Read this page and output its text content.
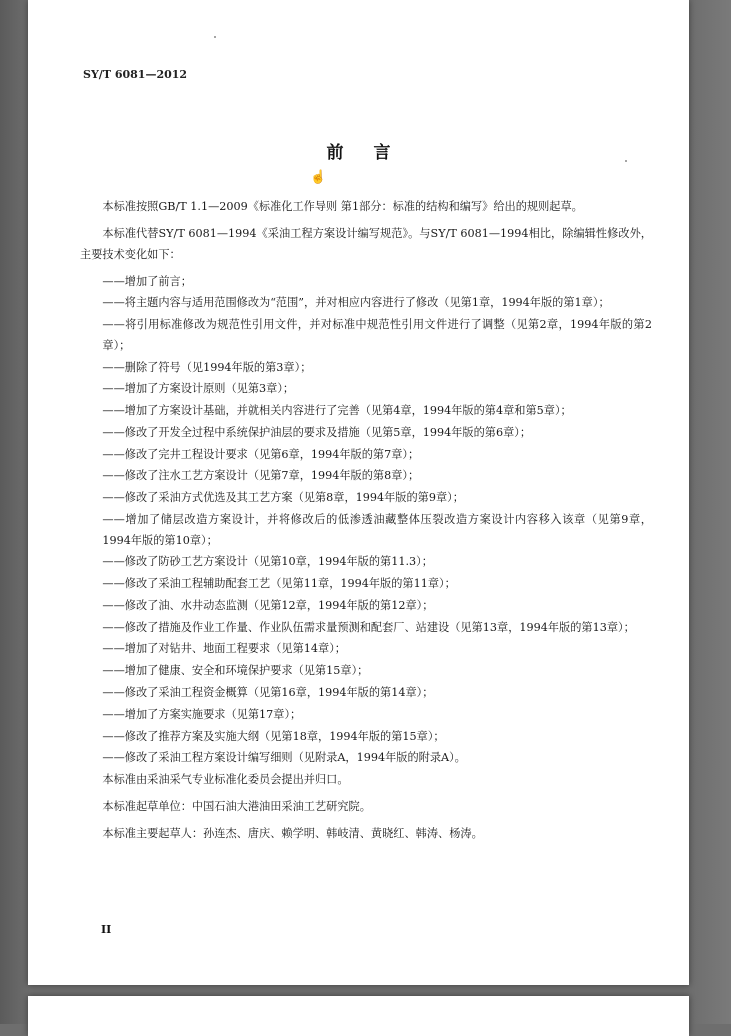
SY/T 6081—2012
前言
☝

本标准按照GB/T 1.1—2009《标准化工作导则 第1部分：标准的结构和编写》给出的规则起草。

本标准代替SY/T 6081—1994《采油工程方案设计编写规范》。与SY/T 6081—1994相比，除编辑性修改外，主要技术变化如下：

——增加了前言；

——将主题内容与适用范围修改为“范围”，并对相应内容进行了修改（见第1章，1994年版的第1章）；

——将引用标准修改为规范性引用文件，并对标准中规范性引用文件进行了调整（见第2章，1994年版的第2章）；

——删除了符号（见1994年版的第3章）；

——增加了方案设计原则（见第3章）；

——增加了方案设计基础，并就相关内容进行了完善（见第4章，1994年版的第4章和第5章）；

——修改了开发全过程中系统保护油层的要求及措施（见第5章，1994年版的第6章）；

——修改了完井工程设计要求（见第6章，1994年版的第7章）；

——修改了注水工艺方案设计（见第7章，1994年版的第8章）；

——修改了采油方式优选及其工艺方案（见第8章，1994年版的第9章）；

——增加了储层改造方案设计，并将修改后的低渗透油藏整体压裂改造方案设计内容移入该章（见第9章，1994年版的第10章）；

——修改了防砂工艺方案设计（见第10章，1994年版的第11.3）；

——修改了采油工程辅助配套工艺（见第11章，1994年版的第11章）；

——修改了油、水井动态监测（见第12章，1994年版的第12章）；

——修改了措施及作业工作量、作业队伍需求量预测和配套厂、站建设（见第13章，1994年版的第13章）；

——增加了对钻井、地面工程要求（见第14章）；

——增加了健康、安全和环境保护要求（见第15章）；

——修改了采油工程资金概算（见第16章，1994年版的第14章）；

——增加了方案实施要求（见第17章）；

——修改了推荐方案及实施大纲（见第18章，1994年版的第15章）；

——修改了采油工程方案设计编写细则（见附录A，1994年版的附录A）。

本标准由采油采气专业标准化委员会提出并归口。

本标准起草单位：中国石油大港油田采油工艺研究院。

本标准主要起草人：孙连杰、唐庆、赖学明、韩岐清、黄晓红、韩涛、杨涛。

II
